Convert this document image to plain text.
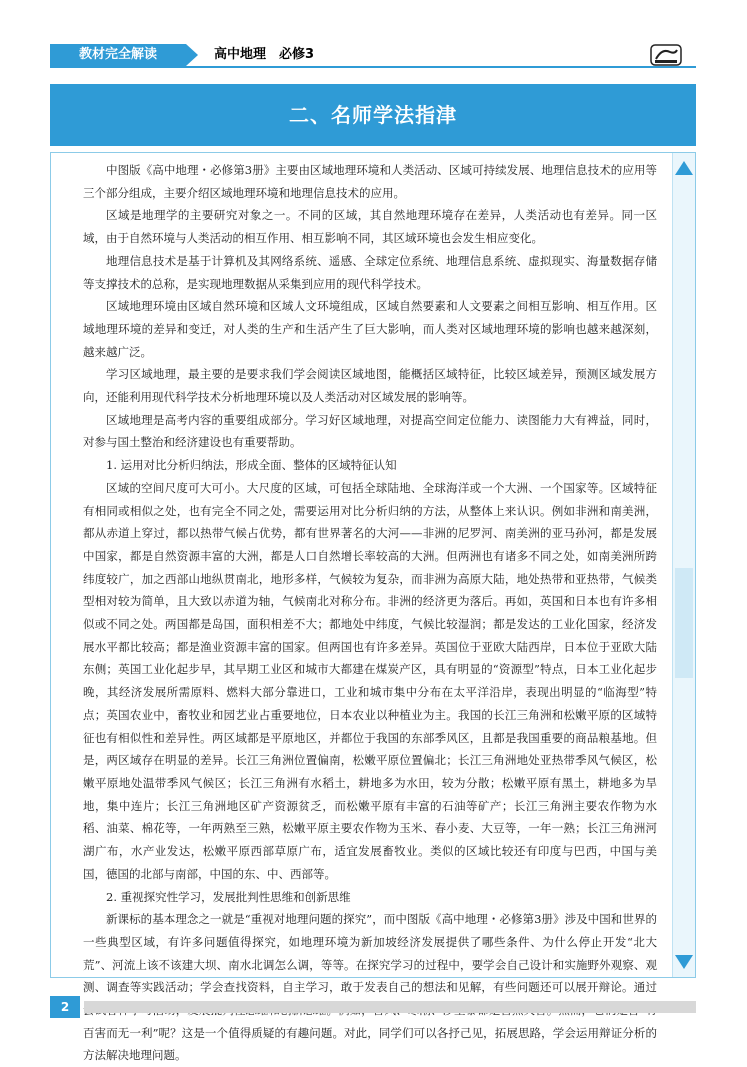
教材完全解读	高中地理　必修3
二、名师学法指津

中图版《高中地理・必修第3册》主要由区域地理环境和人类活动、区域可持续发展、地理信息技术的应用等三个部分组成，主要介绍区域地理环境和地理信息技术的应用。

区域是地理学的主要研究对象之一。不同的区域，其自然地理环境存在差异，人类活动也有差异。同一区域，由于自然环境与人类活动的相互作用、相互影响不同，其区域环境也会发生相应变化。

地理信息技术是基于计算机及其网络系统、遥感、全球定位系统、地理信息系统、虚拟现实、海量数据存储等支撑技术的总称，是实现地理数据从采集到应用的现代科学技术。

区域地理环境由区域自然环境和区域人文环境组成，区域自然要素和人文要素之间相互影响、相互作用。区域地理环境的差异和变迁，对人类的生产和生活产生了巨大影响，而人类对区域地理环境的影响也越来越深刻，越来越广泛。

学习区域地理，最主要的是要求我们学会阅读区域地图，能概括区域特征，比较区域差异，预测区域发展方向，还能利用现代科学技术分析地理环境以及人类活动对区域发展的影响等。

区域地理是高考内容的重要组成部分。学习好区域地理，对提高空间定位能力、读图能力大有裨益，同时，对参与国土整治和经济建设也有重要帮助。

1. 运用对比分析归纳法，形成全面、整体的区域特征认知

区域的空间尺度可大可小。大尺度的区域，可包括全球陆地、全球海洋或一个大洲、一个国家等。区域特征有相同或相似之处，也有完全不同之处，需要运用对比分析归纳的方法，从整体上来认识。例如非洲和南美洲，都从赤道上穿过，都以热带气候占优势，都有世界著名的大河——非洲的尼罗河、南美洲的亚马孙河，都是发展中国家，都是自然资源丰富的大洲，都是人口自然增长率较高的大洲。但两洲也有诸多不同之处，如南美洲所跨纬度较广，加之西部山地纵贯南北，地形多样，气候较为复杂，而非洲为高原大陆，地处热带和亚热带，气候类型相对较为简单，且大致以赤道为轴，气候南北对称分布。非洲的经济更为落后。再如，英国和日本也有许多相似或不同之处。两国都是岛国，面积相差不大；都地处中纬度，气候比较湿润；都是发达的工业化国家，经济发展水平都比较高；都是渔业资源丰富的国家。但两国也有许多差异。英国位于亚欧大陆西岸，日本位于亚欧大陆东侧；英国工业化起步早，其早期工业区和城市大都建在煤炭产区，具有明显的“资源型”特点，日本工业化起步晚，其经济发展所需原料、燃料大部分靠进口，工业和城市集中分布在太平洋沿岸，表现出明显的“临海型”特点；英国农业中，畜牧业和园艺业占重要地位，日本农业以种植业为主。我国的长江三角洲和松嫩平原的区域特征也有相似性和差异性。两区域都是平原地区，并都位于我国的东部季风区，且都是我国重要的商品粮基地。但是，两区域存在明显的差异。长江三角洲位置偏南，松嫩平原位置偏北；长江三角洲地处亚热带季风气候区，松嫩平原地处温带季风气候区；长江三角洲有水稻土，耕地多为水田，较为分散；松嫩平原有黑土，耕地多为旱地，集中连片；长江三角洲地区矿产资源贫乏，而松嫩平原有丰富的石油等矿产；长江三角洲主要农作物为水稻、油菜、棉花等，一年两熟至三熟，松嫩平原主要农作物为玉米、春小麦、大豆等，一年一熟；长江三角洲河湖广布，水产业发达，松嫩平原西部草原广布，适宜发展畜牧业。类似的区域比较还有印度与巴西，中国与美国，德国的北部与南部，中国的东、中、西部等。

2. 重视探究性学习，发展批判性思维和创新思维

新课标的基本理念之一就是“重视对地理问题的探究”，而中图版《高中地理・必修第3册》涉及中国和世界的一些典型区域，有许多问题值得探究，如地理环境为新加坡经济发展提供了哪些条件、为什么停止开发“北大荒”、河流上该不该建大坝、南水北调怎么调，等等。在探究学习的过程中，要学会自己设计和实施野外观察、观测、调查等实践活动；学会查找资料，自主学习，敢于发表自己的想法和见解，有些问题还可以展开辩论。通过 百害而无一利”呢？这是一个值得质疑的有趣问题。对此，同学们可以各抒己见，拓展思路，学会运用辩证分析的方法解决地理问题。

2
